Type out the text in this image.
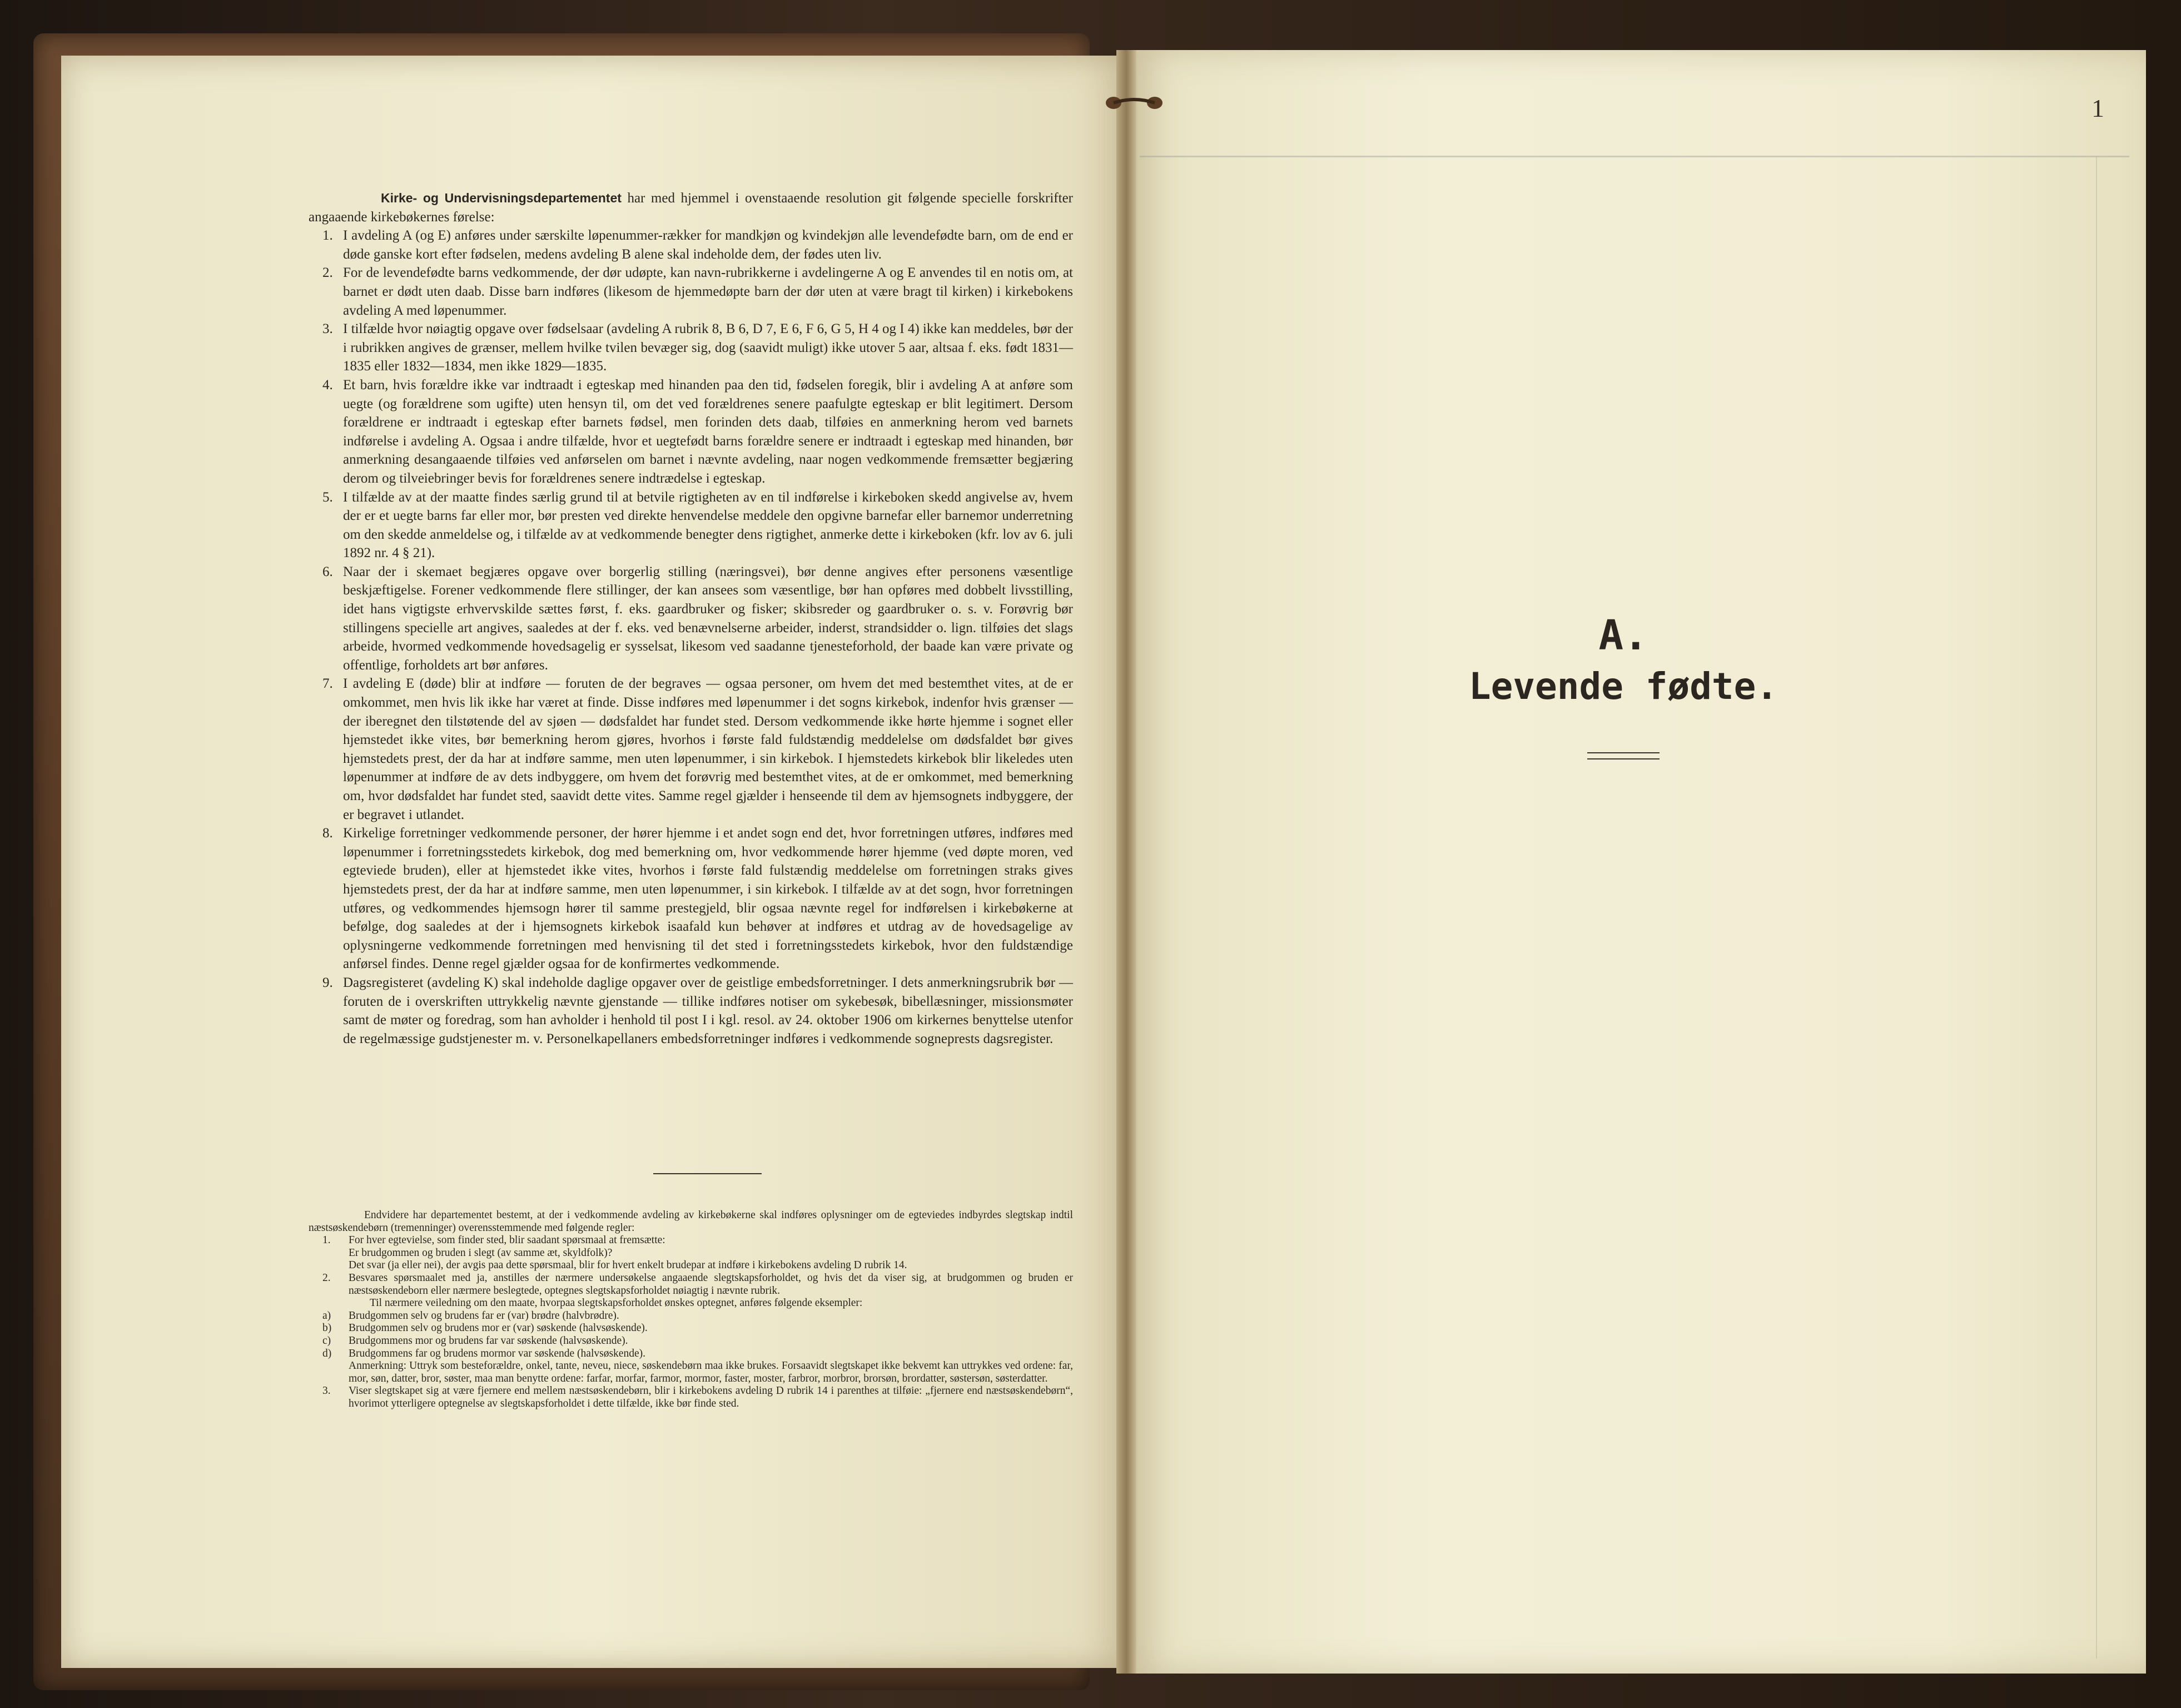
1

Kirke- og Undervisningsdepartementet har med hjemmel i ovenstaaende resolution git følgende specielle forskrifter angaaende kirkebøkernes førelse:

1. I avdeling A (og E) anføres under særskilte løpenummer-rækker for mandkjøn og kvindekjøn alle levendefødte barn, om de end er døde ganske kort efter fødselen, medens avdeling B alene skal indeholde dem, der fødes uten liv.
2. For de levendefødte barns vedkommende, der dør udøpte, kan navn-rubrikkerne i avdelingerne A og E anvendes til en notis om, at barnet er dødt uten daab. Disse barn indføres (likesom de hjemmedøpte barn der dør uten at være bragt til kirken) i kirkebokens avdeling A med løpenummer.
3. I tilfælde hvor nøiagtig opgave over fødselsaar (avdeling A rubrik 8, B 6, D 7, E 6, F 6, G 5, H 4 og I 4) ikke kan meddeles, bør der i rubrikken angives de grænser, mellem hvilke tvilen bevæger sig, dog (saavidt muligt) ikke utover 5 aar, altsaa f. eks. født 1831—1835 eller 1832—1834, men ikke 1829—1835.
4. Et barn, hvis forældre ikke var indtraadt i egteskap med hinanden paa den tid, fødselen foregik, blir i avdeling A at anføre som uegte (og forældrene som ugifte) uten hensyn til, om det ved forældrenes senere paafulgte egteskap er blit legitimert. Dersom forældrene er indtraadt i egteskap efter barnets fødsel, men forinden dets daab, tilføies en anmerkning herom ved barnets indførelse i avdeling A. Ogsaa i andre tilfælde, hvor et uegtefødt barns forældre senere er indtraadt i egteskap med hinanden, bør anmerkning desangaaende tilføies ved anførselen om barnet i nævnte avdeling, naar nogen vedkommende fremsætter begjæring derom og tilveiebringer bevis for forældrenes senere indtrædelse i egteskap.
5. I tilfælde av at der maatte findes særlig grund til at betvile rigtigheten av en til indførelse i kirkeboken skedd angivelse av, hvem der er et uegte barns far eller mor, bør presten ved direkte henvendelse meddele den opgivne barnefar eller barnemor underretning om den skedde anmeldelse og, i tilfælde av at vedkommende benegter dens rigtighet, anmerke dette i kirkeboken (kfr. lov av 6. juli 1892 nr. 4 § 21).
6. Naar der i skemaet begjæres opgave over borgerlig stilling (næringsvei), bør denne angives efter personens væsentlige beskjæftigelse. Forener vedkommende flere stillinger, der kan ansees som væsentlige, bør han opføres med dobbelt livsstilling, idet hans vigtigste erhvervskilde sættes først, f. eks. gaardbruker og fisker; skibsreder og gaardbruker o. s. v. Forøvrig bør stillingens specielle art angives, saaledes at der f. eks. ved benævnelserne arbeider, inderst, strandsidder o. lign. tilføies det slags arbeide, hvormed vedkommende hovedsagelig er sysselsat, likesom ved saadanne tjenesteforhold, der baade kan være private og offentlige, forholdets art bør anføres.
7. I avdeling E (døde) blir at indføre — foruten de der begraves — ogsaa personer, om hvem det med bestemthet vites, at de er omkommet, men hvis lik ikke har været at finde. Disse indføres med løpenummer i det sogns kirkebok, indenfor hvis grænser — der iberegnet den tilstøtende del av sjøen — dødsfaldet har fundet sted. Dersom vedkommende ikke hørte hjemme i sognet eller hjemstedet ikke vites, bør bemerkning herom gjøres, hvorhos i første fald fuldstændig meddelelse om dødsfaldet bør gives hjemstedets prest, der da har at indføre samme, men uten løpenummer, i sin kirkebok. I hjemstedets kirkebok blir likeledes uten løpenummer at indføre de av dets indbyggere, om hvem det forøvrig med bestemthet vites, at de er omkommet, med bemerkning om, hvor dødsfaldet har fundet sted, saavidt dette vites. Samme regel gjælder i henseende til dem av hjemsognets indbyggere, der er begravet i utlandet.
8. Kirkelige forretninger vedkommende personer, der hører hjemme i et andet sogn end det, hvor forretningen utføres, indføres med løpenummer i forretningsstedets kirkebok, dog med bemerkning om, hvor vedkommende hører hjemme (ved døpte moren, ved egteviede bruden), eller at hjemstedet ikke vites, hvorhos i første fald fulstændig meddelelse om forretningen straks gives hjemstedets prest, der da har at indføre samme, men uten løpenummer, i sin kirkebok. I tilfælde av at det sogn, hvor forretningen utføres, og vedkommendes hjemsogn hører til samme prestegjeld, blir ogsaa nævnte regel for indførelsen i kirkebøkerne at befølge, dog saaledes at der i hjemsognets kirkebok isaafald kun behøver at indføres et utdrag av de hovedsagelige av oplysningerne vedkommende forretningen med henvisning til det sted i forretningsstedets kirkebok, hvor den fuldstændige anførsel findes. Denne regel gjælder ogsaa for de konfirmertes vedkommende.
9. Dagsregisteret (avdeling K) skal indeholde daglige opgaver over de geistlige embedsforretninger. I dets anmerkningsrubrik bør — foruten de i overskriften uttrykkelig nævnte gjenstande — tillike indføres notiser om sykebesøk, bibellæsninger, missionsmøter samt de møter og foredrag, som han avholder i henhold til post I i kgl. resol. av 24. oktober 1906 om kirkernes benyttelse utenfor de regelmæssige gudstjenester m. v. Personelkapellaners embedsforretninger indføres i vedkommende sogneprests dagsregister.
Endvidere har departementet bestemt, at der i vedkommende avdeling av kirkebøkerne skal indføres oplysninger om de egteviedes indbyrdes slegtskap indtil næstsøskendebørn (tremenninger) overensstemmende med følgende regler:
1. For hver egtevielse, som finder sted, blir saadant spørsmaal at fremsætte:
Er brudgommen og bruden i slegt (av samme æt, skyldfolk)?
Det svar (ja eller nei), der avgis paa dette spørsmaal, blir for hvert enkelt brudepar at indføre i kirkebokens avdeling D rubrik 14.
2. Besvares spørsmaalet med ja, anstilles der nærmere undersøkelse angaaende slegtskapsforholdet, og hvis det da viser sig, at brudgommen og bruden er næstsøskendeborn eller nærmere beslegtede, optegnes slegtskapsforholdet nøiagtig i nævnte rubrik.
Til nærmere veiledning om den maate, hvorpaa slegtskapsforholdet ønskes optegnet, anføres følgende eksempler:
a) Brudgommen selv og brudens far er (var) brødre (halvbrødre).
b) Brudgommen selv og brudens mor er (var) søskende (halvsøskende).
c) Brudgommens mor og brudens far var søskende (halvsøskende).
d) Brudgommens far og brudens mormor var søskende (halvsøskende).
Anmerkning: Uttryk som besteforældre, onkel, tante, neveu, niece, søskendebørn maa ikke brukes. Forsaavidt slegtskapet ikke bekvemt kan uttrykkes ved ordene: far, mor, søn, datter, bror, søster, maa man benytte ordene: farfar, morfar, farmor, mormor, faster, moster, farbror, morbror, brorsøn, brordatter, søstersøn, søsterdatter.
3. Viser slegtskapet sig at være fjernere end mellem næstsøskendebørn, blir i kirkebokens avdeling D rubrik 14 i parenthes at tilføie: „fjernere end næstsøskendebørn“, hvorimot ytterligere optegnelse av slegtskapsforholdet i dette tilfælde, ikke bør finde sted.
A.
Levende fødte.
